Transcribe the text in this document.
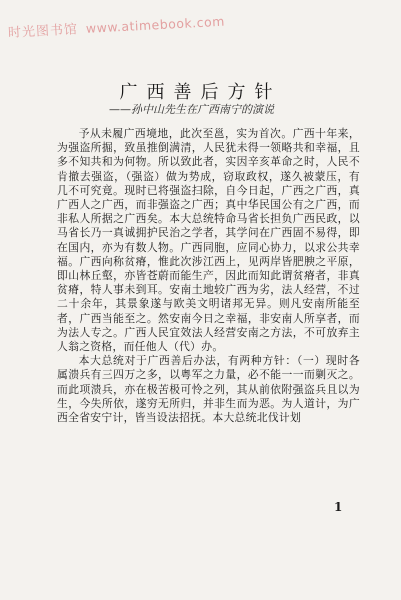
时光图书馆 www.atimebook.com
广西善后方针
——孙中山先生在广西南宁的演说

予从未履广西境地，此次至邕，实为首次。广西十年来，为强盗所掘，致虽推倒满清，人民犹未得一领略共和幸福，且多不知共和为何物。所以致此者，实因辛亥革命之时，人民不肯撤去强盗，（强盗）做为势成，窃取政权，遂久被蒙压，有几不可究竟。现时已将强盗扫除，自今日起，广西之广西，真广西人之广西，而非强盗之广西；真中华民国公有之广西，而非私人所据之广西矣。本大总统特命马省长担负广西民政，以马省长乃一真诚拥护民治之学者，其学问在广西固不易得，即在国内，亦为有数人物。广西同胞，应同心协力，以求公共幸福。广西向称贫瘠，惟此次涉江西上，见两岸皆肥腴之平原，即山林丘壑，亦皆苍蔚而能生产，因此而知此谓贫瘠者，非真贫瘠，特人事未到耳。安南土地较广西为劣，法人经营，不过二十余年，其景象遂与欧美文明诸邦无异。则凡安南所能至者，广西当能至之。然安南今日之幸福，非安南人所享者，而为法人专之。广西人民宜效法人经营安南之方法，不可放弃主人翁之资格，而任他人（代）办。

本大总统对于广西善后办法，有两种方针：（一）现时各属溃兵有三四万之多，以粤军之力量，必不能一一而剿灭之。而此项溃兵，亦在极苦极可怜之列，其从前依附强盗兵且以为生，今失所依，遂穷无所归，并非生而为恶。为人道计，为广西全省安宁计，皆当设法招抚。本大总统北伐计划

1
